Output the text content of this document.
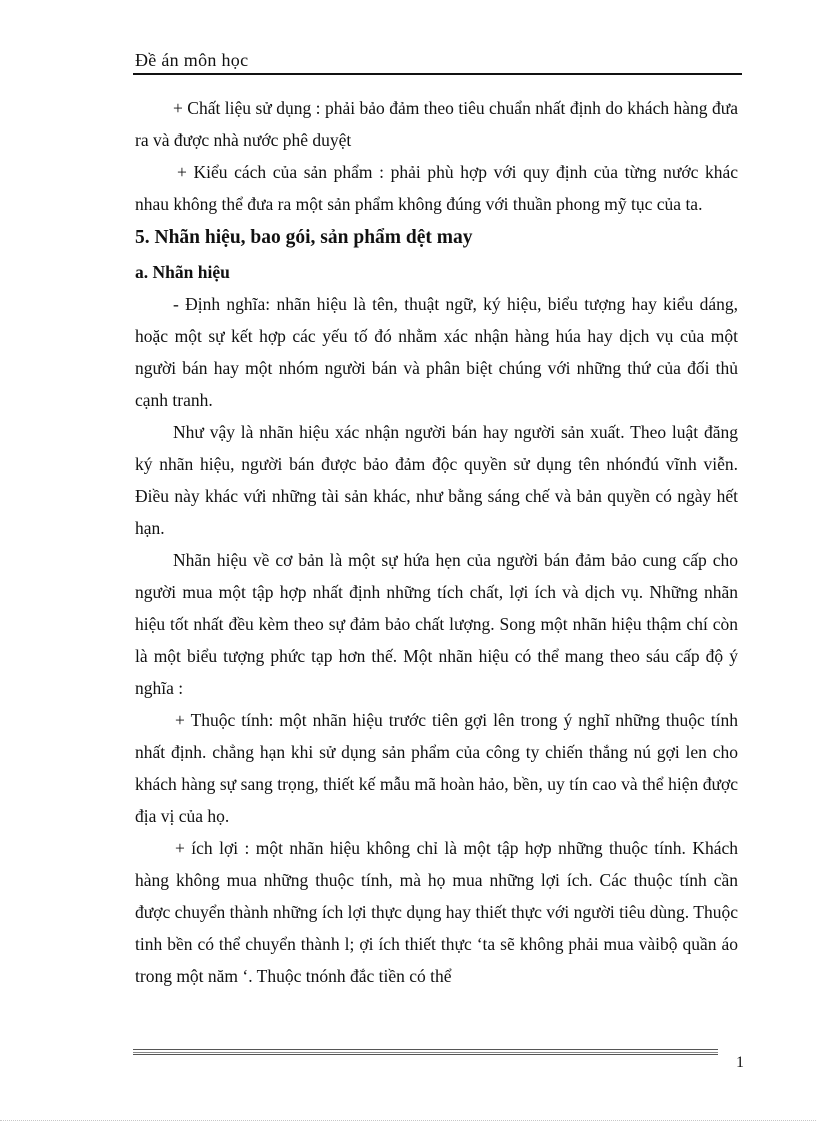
Đề án môn học

+ Chất liệu sử dụng : phải bảo đảm theo tiêu chuẩn nhất định do khách hàng đưa ra và được nhà nước phê duyệt

+ Kiểu cách của sản phẩm : phải phù hợp với quy định của từng nước khác nhau không thể đưa ra một sản phẩm không đúng với thuần phong mỹ tục của ta.

5. Nhãn hiệu, bao gói, sản phẩm dệt may
a. Nhãn hiệu

- Định nghĩa: nhãn hiệu là tên, thuật ngữ, ký hiệu, biểu tượng hay kiểu dáng, hoặc một sự kết hợp các yếu tố đó nhằm xác nhận hàng húa hay dịch vụ của một người bán hay một nhóm người bán và phân biệt chúng với những thứ của đối thủ cạnh tranh.

Như vậy là nhãn hiệu xác nhận người bán hay người sản xuất. Theo luật đăng ký nhãn hiệu, người bán được bảo đảm độc quyền sử dụng tên nhónđú vĩnh viễn. Điều này khác vứi những tài sản khác, như bằng sáng chế và bản quyền có ngày hết hạn.

Nhãn hiệu về cơ bản là một sự hứa hẹn của người bán đảm bảo cung cấp cho người mua một tập hợp nhất định những tích chất, lợi ích và dịch vụ. Những nhãn hiệu tốt nhất đều kèm theo sự đảm bảo chất lượng. Song một nhãn hiệu thậm chí còn là một biểu tượng phức tạp hơn thế. Một nhãn hiệu có thể mang theo sáu cấp độ ý nghĩa :

+ Thuộc tính: một nhãn hiệu trước tiên gợi lên trong ý nghĩ những thuộc tính nhất định. chẳng hạn khi sử dụng sản phẩm của công ty chiến thắng nú gợi len cho khách hàng sự sang trọng, thiết kế mẫu mã hoàn hảo, bền, uy tín cao và thể hiện được địa vị của họ.

+ ích lợi : một nhãn hiệu không chỉ là một tập hợp những thuộc tính. Khách hàng không mua những thuộc tính, mà họ mua những lợi ích. Các thuộc tính cần được chuyển thành những ích lợi thực dụng hay thiết thực với người tiêu dùng. Thuộc tinh bền có thể chuyển thành l; ợi ích thiết thực ‘ta sẽ không phải mua vàibộ quần áo trong một năm ‘. Thuộc tnónh đắc tiền có thể

1
